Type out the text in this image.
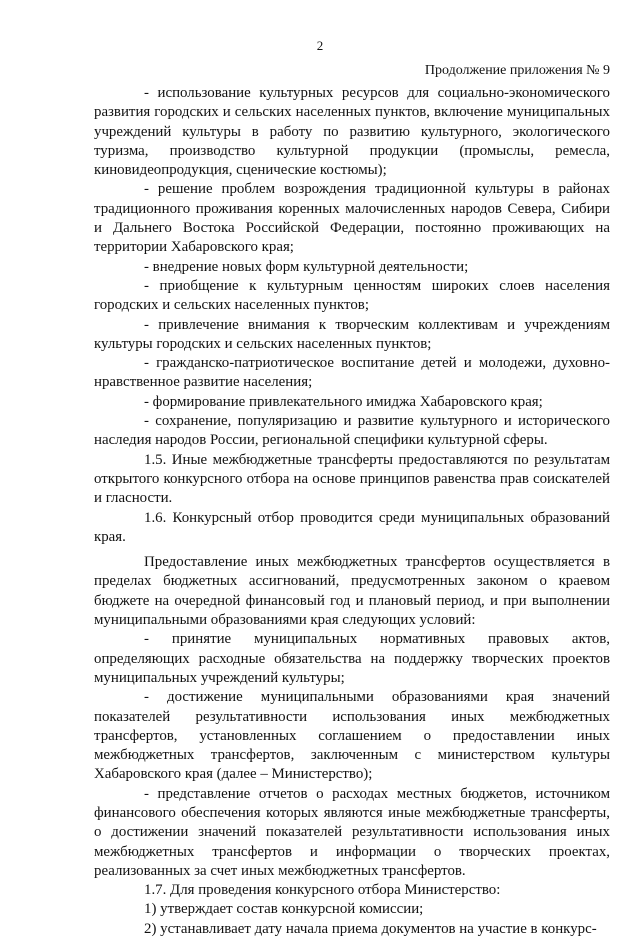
2
Продолжение приложения № 9

- использование культурных ресурсов для социально-экономического развития городских и сельских населенных пунктов, включение муниципальных учреждений культуры в работу по развитию культурного, экологического туризма, производство культурной продукции (промыслы, ремесла, киновидеопродукция, сценические костюмы);

- решение проблем возрождения традиционной культуры в районах традиционного проживания коренных малочисленных народов Севера, Сибири и Дальнего Востока Российской Федерации, постоянно проживающих на территории Хабаровского края;

- внедрение новых форм культурной деятельности;

- приобщение к культурным ценностям широких слоев населения городских и сельских населенных пунктов;

- привлечение внимания к творческим коллективам и учреждениям культуры городских и сельских населенных пунктов;

- гражданско-патриотическое воспитание детей и молодежи, духовно-нравственное развитие населения;

- формирование привлекательного имиджа Хабаровского края;

- сохранение, популяризацию и развитие культурного и исторического наследия народов России, региональной специфики культурной сферы.

1.5. Иные межбюджетные трансферты предоставляются по результатам открытого конкурсного отбора на основе принципов равенства прав соискателей и гласности.

1.6. Конкурсный отбор проводится среди муниципальных образований края.

Предоставление иных межбюджетных трансфертов осуществляется в пределах бюджетных ассигнований, предусмотренных законом о краевом бюджете на очередной финансовый год и плановый период, и при выполнении муниципальными образованиями края следующих условий:

- принятие муниципальных нормативных правовых актов, определяющих расходные обязательства на поддержку творческих проектов муниципальных учреждений культуры;

- достижение муниципальными образованиями края значений показателей результативности использования иных межбюджетных трансфертов, установленных соглашением о предоставлении иных межбюджетных трансфертов, заключенным с министерством культуры Хабаровского края (далее – Министерство);

- представление отчетов о расходах местных бюджетов, источником финансового обеспечения которых являются иные межбюджетные трансферты, о достижении значений показателей результативности использования иных межбюджетных трансфертов и информации о творческих проектах, реализованных за счет иных межбюджетных трансфертов.

1.7. Для проведения конкурсного отбора Министерство:

1) утверждает состав конкурсной комиссии;

2) устанавливает дату начала приема документов на участие в конкурс-
